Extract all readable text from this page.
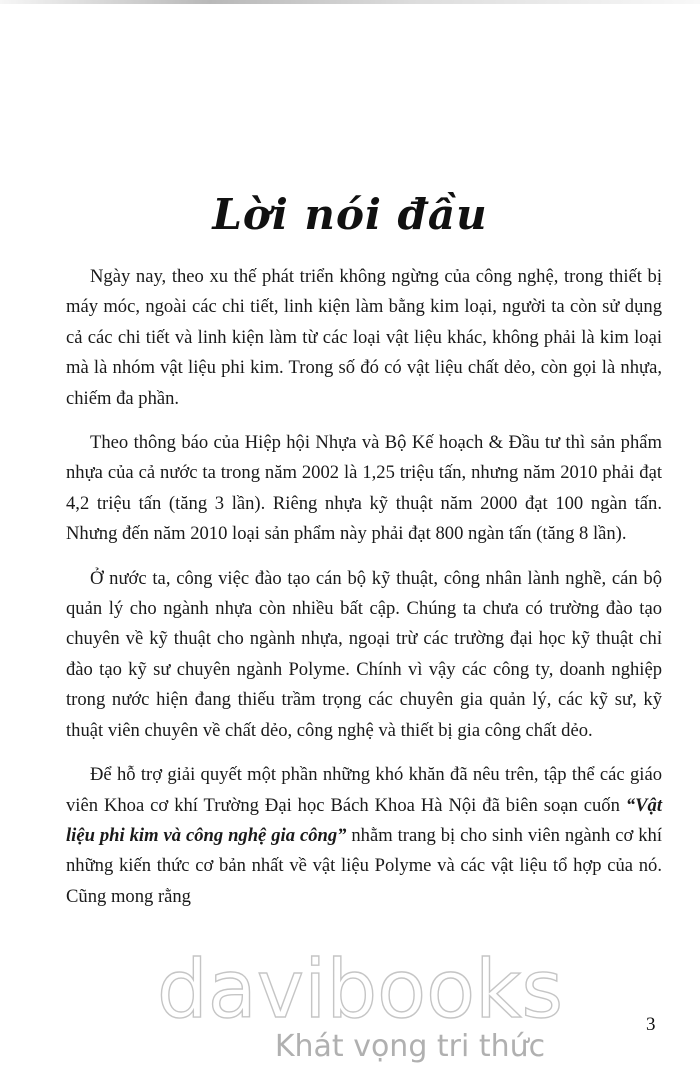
Lời nói đầu

Ngày nay, theo xu thế phát triển không ngừng của công nghệ, trong thiết bị máy móc, ngoài các chi tiết, linh kiện làm bằng kim loại, người ta còn sử dụng cả các chi tiết và linh kiện làm từ các loại vật liệu khác, không phải là kim loại mà là nhóm vật liệu phi kim. Trong số đó có vật liệu chất dẻo, còn gọi là nhựa, chiếm đa phần.

Theo thông báo của Hiệp hội Nhựa và Bộ Kế hoạch & Đầu tư thì sản phẩm nhựa của cả nước ta trong năm 2002 là 1,25 triệu tấn, nhưng năm 2010 phải đạt 4,2 triệu tấn (tăng 3 lần). Riêng nhựa kỹ thuật năm 2000 đạt 100 ngàn tấn. Nhưng đến năm 2010 loại sản phẩm này phải đạt 800 ngàn tấn (tăng 8 lần).

Ở nước ta, công việc đào tạo cán bộ kỹ thuật, công nhân lành nghề, cán bộ quản lý cho ngành nhựa còn nhiều bất cập. Chúng ta chưa có trường đào tạo chuyên về kỹ thuật cho ngành nhựa, ngoại trừ các trường đại học kỹ thuật chỉ đào tạo kỹ sư chuyên ngành Polyme. Chính vì vậy các công ty, doanh nghiệp trong nước hiện đang thiếu trầm trọng các chuyên gia quản lý, các kỹ sư, kỹ thuật viên chuyên về chất dẻo, công nghệ và thiết bị gia công chất dẻo.

Để hỗ trợ giải quyết một phần những khó khăn đã nêu trên, tập thể các giáo viên Khoa cơ khí Trường Đại học Bách Khoa Hà Nội đã biên soạn cuốn “Vật liệu phi kim và công nghệ gia công” nhằm trang bị cho sinh viên ngành cơ khí những kiến thức cơ bản nhất về vật liệu Polyme và các vật liệu tổ hợp của nó. Cũng mong rằng

3
davibooks
Khát vọng tri thức
